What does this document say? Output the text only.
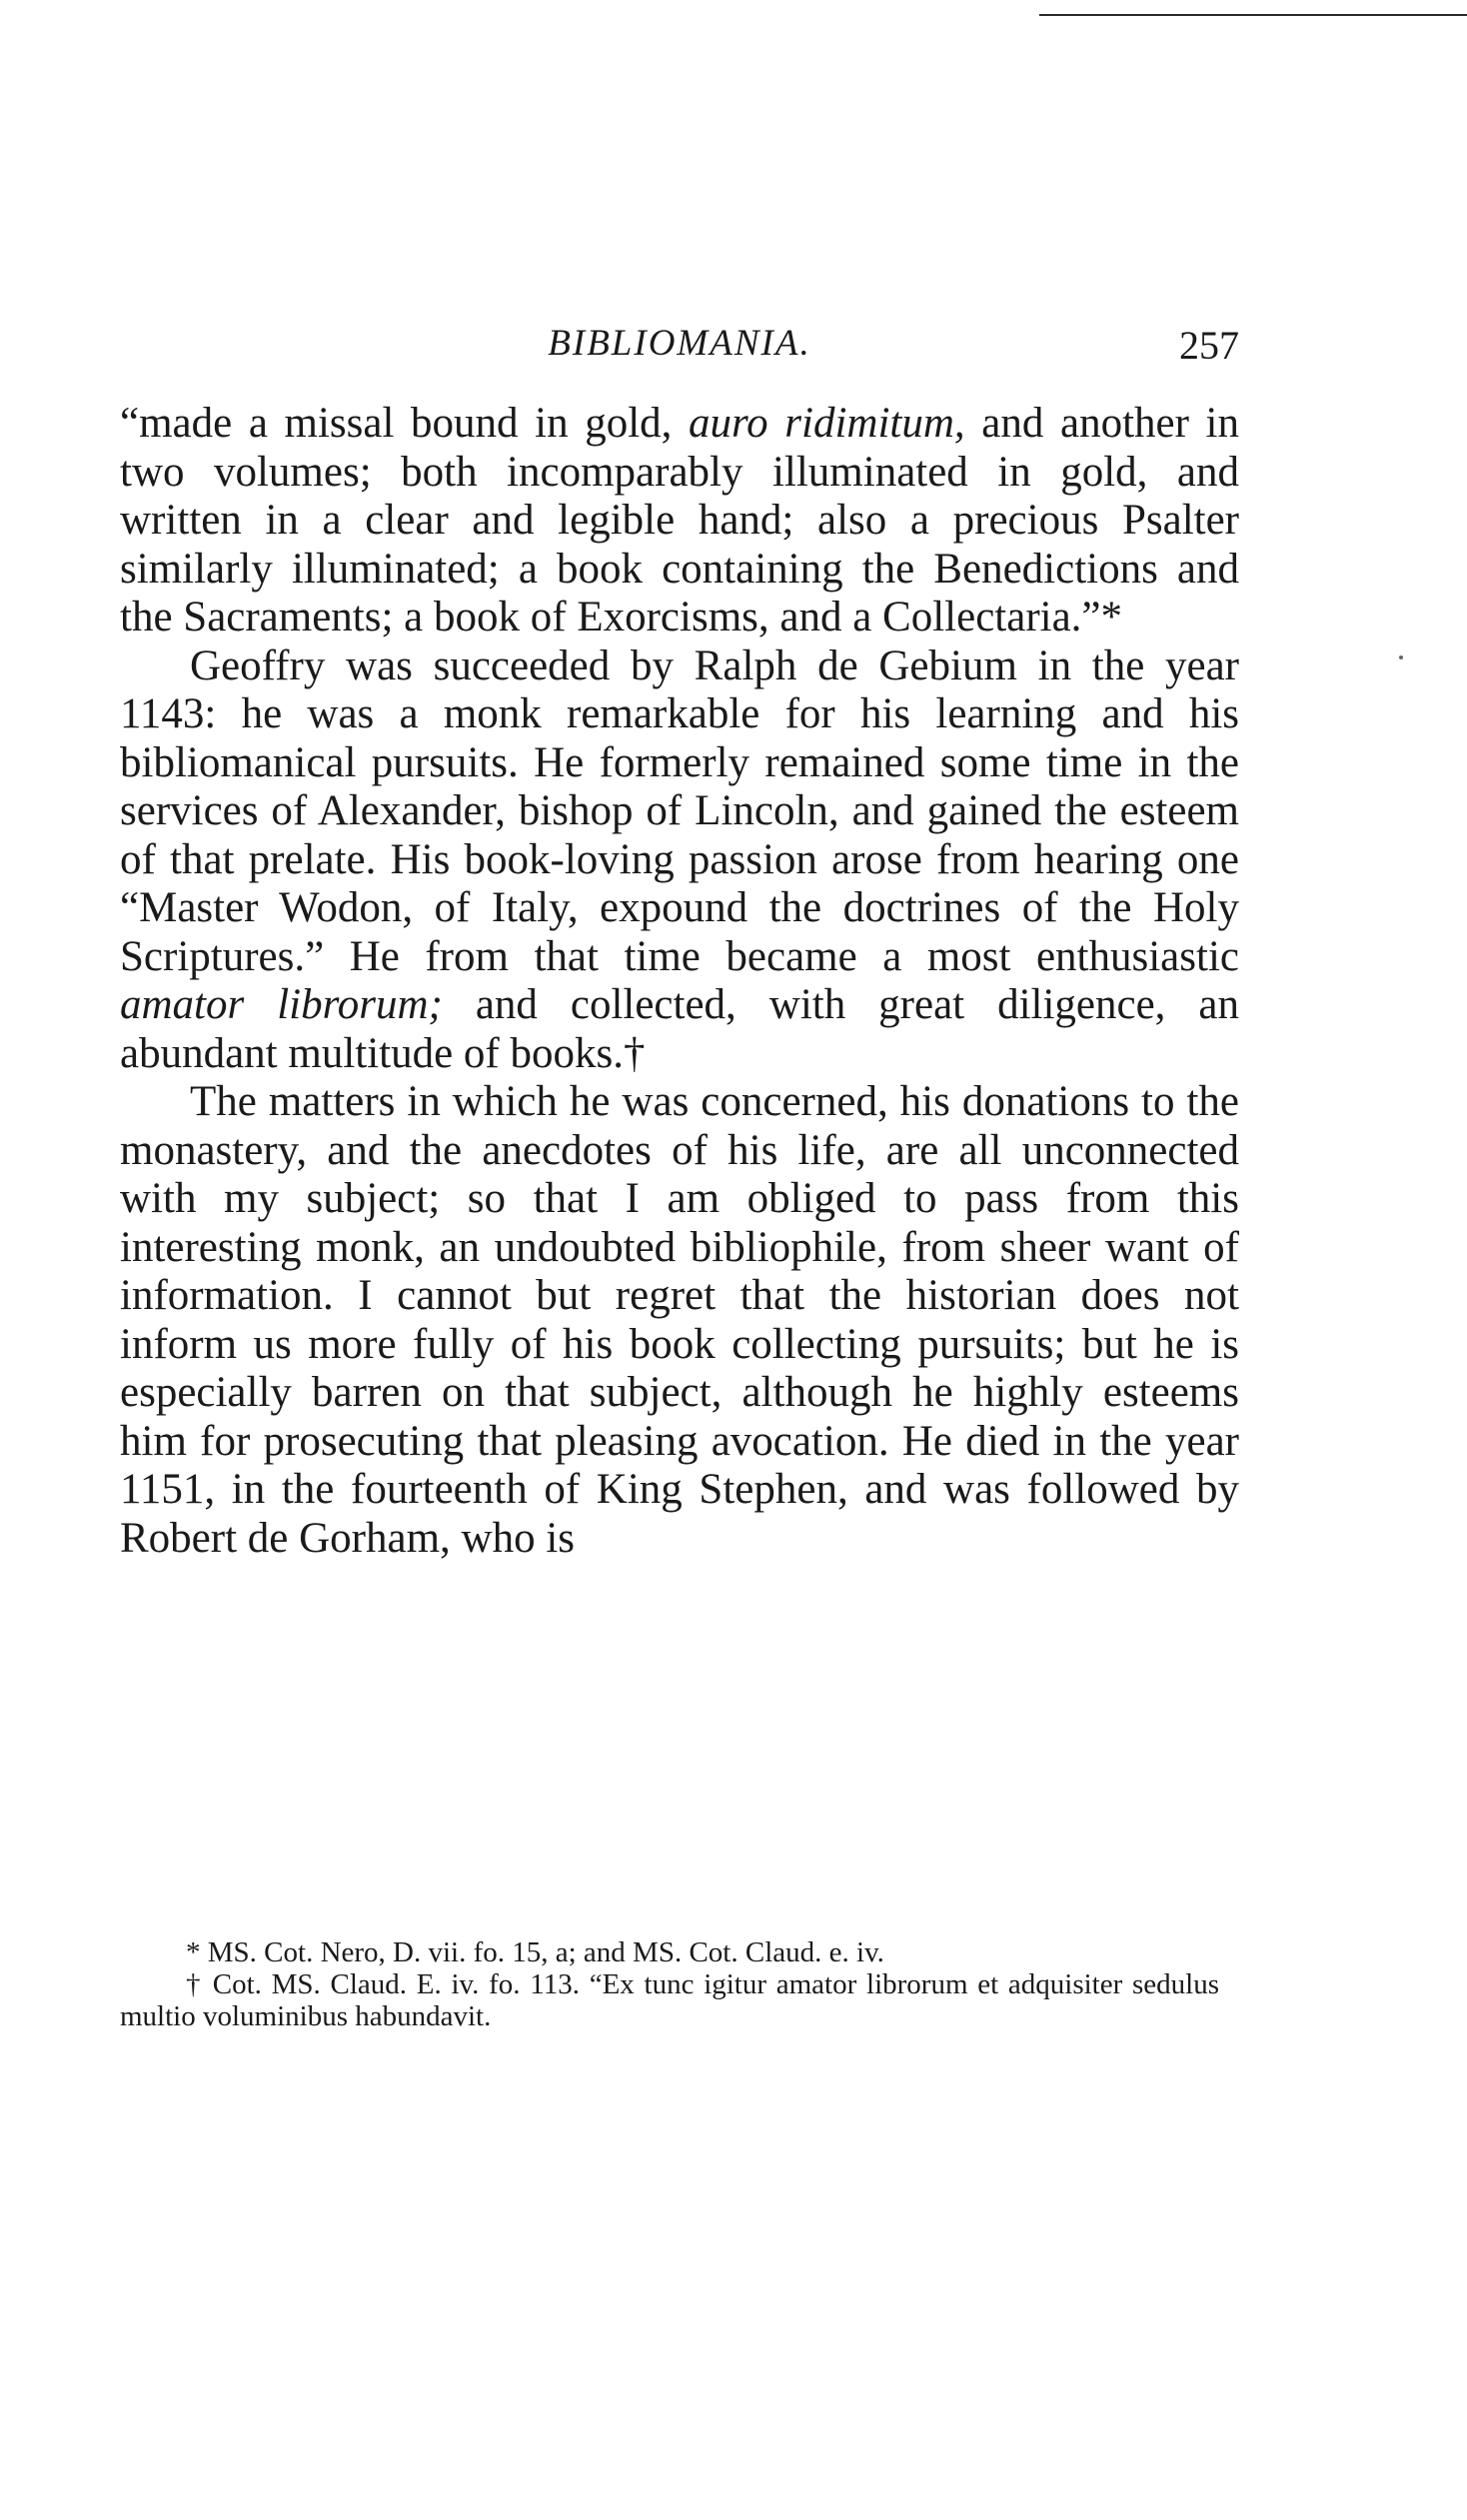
BIBLIOMANIA.	257

“made a missal bound in gold, auro ridimitum, and another in two volumes; both incomparably illuminated in gold, and written in a clear and legible hand; also a precious Psalter similarly illuminated; a book containing the Benedictions and the Sacraments; a book of Exorcisms, and a Collectaria.”*

Geoffry was succeeded by Ralph de Gebium in the year 1143: he was a monk remarkable for his learning and his bibliomanical pursuits. He formerly remained some time in the services of Alexander, bishop of Lincoln, and gained the esteem of that prelate. His book-loving passion arose from hearing one “Master Wodon, of Italy, expound the doctrines of the Holy Scriptures.” He from that time became a most enthusiastic amator librorum; and collected, with great diligence, an abundant multitude of books.†

The matters in which he was concerned, his donations to the monastery, and the anecdotes of his life, are all unconnected with my subject; so that I am obliged to pass from this interesting monk, an undoubted bibliophile, from sheer want of information. I cannot but regret that the historian does not inform us more fully of his book collecting pursuits; but he is especially barren on that subject, although he highly esteems him for prosecuting that pleasing avocation. He died in the year 1151, in the fourteenth of King Stephen, and was followed by Robert de Gorham, who is

* MS. Cot. Nero, D. vii. fo. 15, a; and MS. Cot. Claud. e. iv.

† Cot. MS. Claud. E. iv. fo. 113. “Ex tunc igitur amator librorum et adquisiter sedulus multio voluminibus habundavit.
